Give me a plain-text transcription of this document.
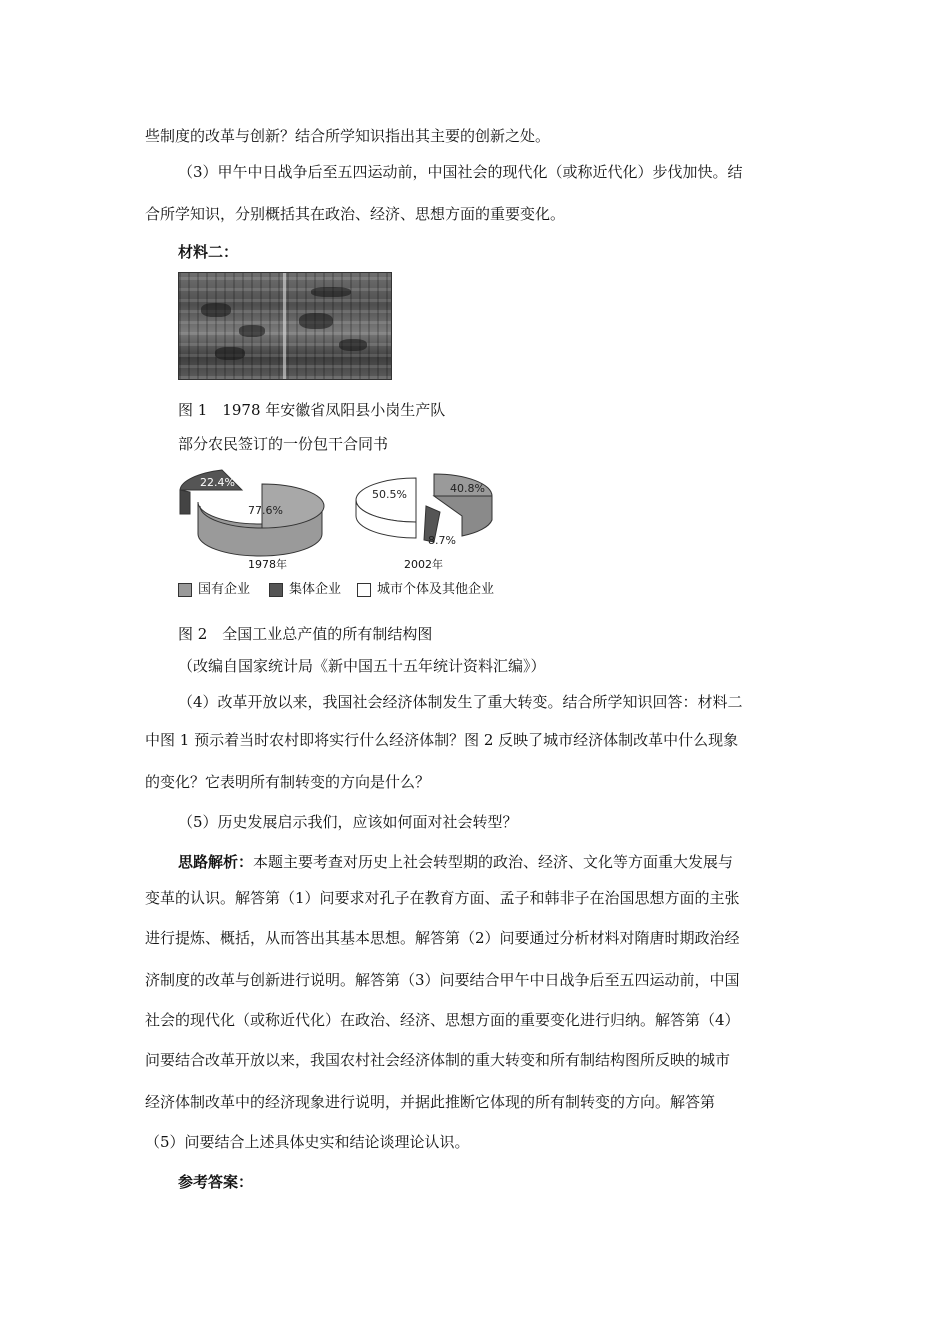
些制度的改革与创新？结合所学知识指出其主要的创新之处。
（3）甲午中日战争后至五四运动前，中国社会的现代化（或称近代化）步伐加快。结
合所学知识，分别概括其在政治、经济、思想方面的重要变化。
材料二：
图 1　1978 年安徽省凤阳县小岗生产队
部分农民签订的一份包干合同书
22.4%
77.6%
1978年
50.5%	40.8%
8.7%
2002年
国有企业	集体企业	城市个体及其他企业
图 2　全国工业总产值的所有制结构图
（改编自国家统计局《新中国五十五年统计资料汇编》）
（4）改革开放以来，我国社会经济体制发生了重大转变。结合所学知识回答：材料二
中图 1 预示着当时农村即将实行什么经济体制？图 2 反映了城市经济体制改革中什么现象
的变化？它表明所有制转变的方向是什么？
（5）历史发展启示我们，应该如何面对社会转型？
思路解析：本题主要考查对历史上社会转型期的政治、经济、文化等方面重大发展与
变革的认识。解答第（1）问要求对孔子在教育方面、孟子和韩非子在治国思想方面的主张
进行提炼、概括，从而答出其基本思想。解答第（2）问要通过分析材料对隋唐时期政治经
济制度的改革与创新进行说明。解答第（3）问要结合甲午中日战争后至五四运动前，中国
社会的现代化（或称近代化）在政治、经济、思想方面的重要变化进行归纳。解答第（4）
问要结合改革开放以来，我国农村社会经济体制的重大转变和所有制结构图所反映的城市
经济体制改革中的经济现象进行说明，并据此推断它体现的所有制转变的方向。解答第
（5）问要结合上述具体史实和结论谈理论认识。
参考答案：
